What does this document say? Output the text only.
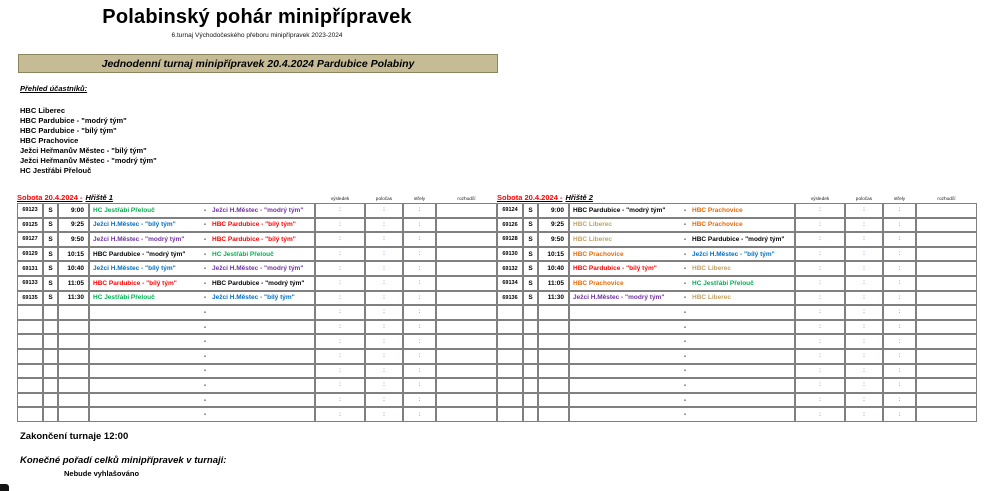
Polabinský pohár minipřípravek
6.turnaj Východočeského přeboru minipřípravek 2023-2024
Jednodenní turnaj minipřípravek 20.4.2024 Pardubice Polabiny
Přehled účastníků:
HBC Liberec
HBC Pardubice - "modrý tým"
HBC Pardubice - "bílý tým"
HBC Prachovice
Ježci Heřmanův Městec - "bílý tým"
Ježci Heřmanův Městec - "modrý tým"
HC Jestřábi Přelouč
Sobota 20.4.2024 - Hřiště 1	výsledek	poločas	střely	rozhodčí
69123	S	9:00	HC Jestřábi Přelouč	- Ježci H.Městec - "modrý tým"	:	:	:
69125	S	9:25	Ježci H.Městec - "bílý tým"	- HBC Pardubice - "bílý tým"	:	:	:
69127	S	9:50	Ježci H.Městec - "modrý tým"	- HBC Pardubice - "bílý tým"	:	:	:
69129	S	10:15	HBC Pardubice - "modrý tým"	- HC Jestřábi Přelouč	:	:	:
69131	S	10:40	Ježci H.Městec - "bílý tým"	- Ježci H.Městec - "modrý tým"	:	:	:
69133	S	11:05	HBC Pardubice - "bílý tým"	- HBC Pardubice - "modrý tým"	:	:	:
69135	S	11:30	HC Jestřábi Přelouč	- Ježci H.Městec - "bílý tým"	:	:	:
-	:	:	:
-	:	:	:
-	:	:	:
-	:	:	:
-	:	:	:
-	:	:	:
-	:	:	:
-	:	:	:
Sobota 20.4.2024 - Hřiště 2	výsledek	poločas	střely	rozhodčí
69124	S	9:00	HBC Pardubice - "modrý tým"	- HBC Prachovice	:	:	:
69126	S	9:25	HBC Liberec	- HBC Prachovice	:	:	:
69128	S	9:50	HBC Liberec	- HBC Pardubice - "modrý tým"	:	:	:
69130	S	10:15	HBC Prachovice	- Ježci H.Městec - "bílý tým"	:	:	:
69132	S	10:40	HBC Pardubice - "bílý tým"	- HBC Liberec	:	:	:
69134	S	11:05	HBC Prachovice	- HC Jestřábi Přelouč	:	:	:
69136	S	11:30	Ježci H.Městec - "modrý tým"	- HBC Liberec	:	:	:
-	:	:	:
-	:	:	:
-	:	:	:
-	:	:	:
-	:	:	:
-	:	:	:
-	:	:	:
-	:	:	:
Zakončení turnaje 12:00
Konečné pořadí celků minipřípravek v turnaji:
Nebude vyhlašováno
